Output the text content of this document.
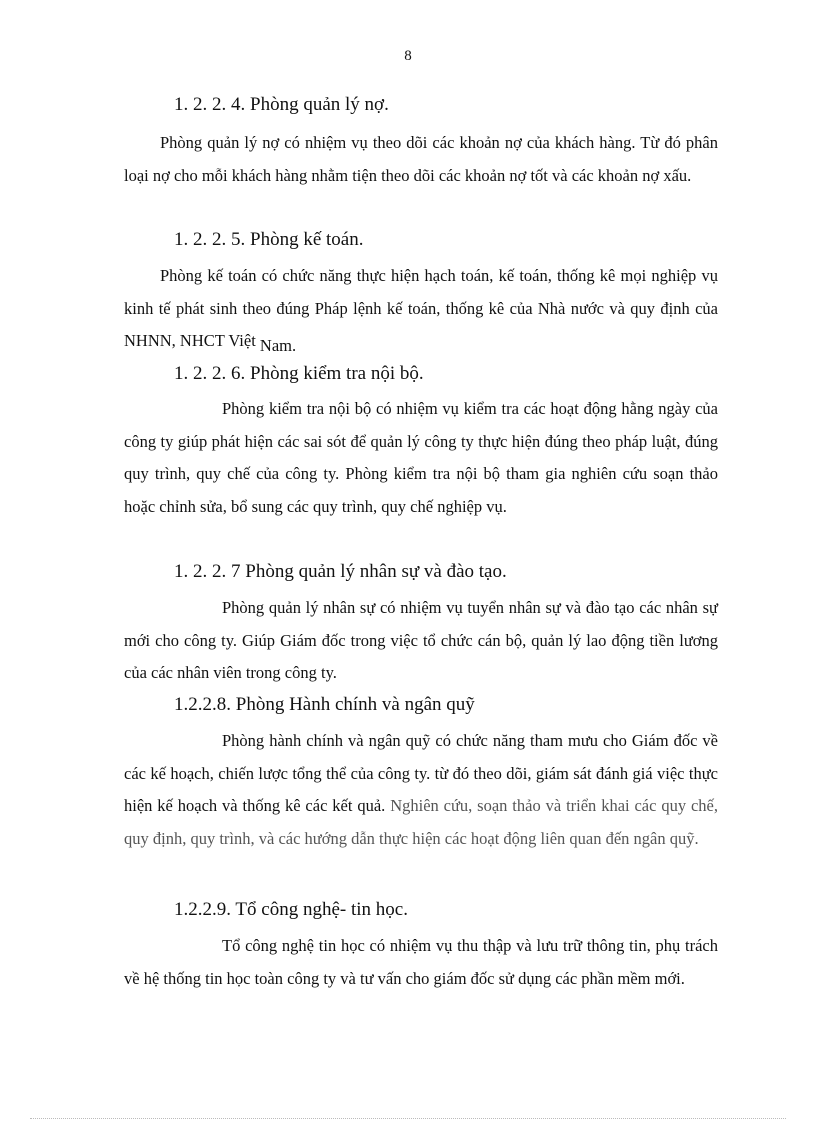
8
1. 2. 2. 4. Phòng quản lý nợ.

Phòng quản lý nợ có nhiệm vụ theo dõi các khoản nợ của khách hàng. Từ đó phân loại nợ cho mỗi khách hàng nhằm tiện theo dõi các khoản nợ tốt và các khoản nợ xấu.

1. 2. 2. 5. Phòng kế toán.

Phòng kế toán có chức năng thực hiện hạch toán, kế toán, thống kê mọi nghiệp vụ kinh tế phát sinh theo đúng Pháp lệnh kế toán, thống kê của Nhà nước và quy định của NHNN, NHCT Việt Nam.

1. 2. 2. 6. Phòng kiểm tra nội bộ.

Phòng kiểm tra nội bộ có nhiệm vụ kiểm tra các hoạt động hằng ngày của công ty giúp phát hiện các sai sót để quản lý công ty thực hiện đúng theo pháp luật, đúng quy trình, quy chế của công ty. Phòng kiểm tra nội bộ tham gia nghiên cứu soạn thảo hoặc chỉnh sửa, bổ sung các quy trình, quy chế nghiệp vụ.

1. 2. 2. 7 Phòng quản lý nhân sự và đào tạo.

Phòng quản lý nhân sự có nhiệm vụ tuyển nhân sự và đào tạo các nhân sự mới cho công ty. Giúp Giám đốc trong việc tổ chức cán bộ, quản lý lao động tiền lương của các nhân viên trong công ty.

1.2.2.8. Phòng Hành chính và ngân quỹ

Phòng hành chính và ngân quỹ có chức năng tham mưu cho Giám đốc về các kế hoạch, chiến lược tổng thể của công ty. từ đó theo dõi, giám sát đánh giá việc thực hiện kế hoạch và thống kê các kết quả. Nghiên cứu, soạn thảo và triển khai các quy chế, quy định, quy trình, và các hướng dẫn thực hiện các hoạt động liên quan đến ngân quỹ.

1.2.2.9. Tổ công nghệ- tin học.

Tổ công nghệ tin học có nhiệm vụ thu thập và lưu trữ thông tin, phụ trách về hệ thống tin học toàn công ty và tư vấn cho giám đốc sử dụng các phần mềm mới.
